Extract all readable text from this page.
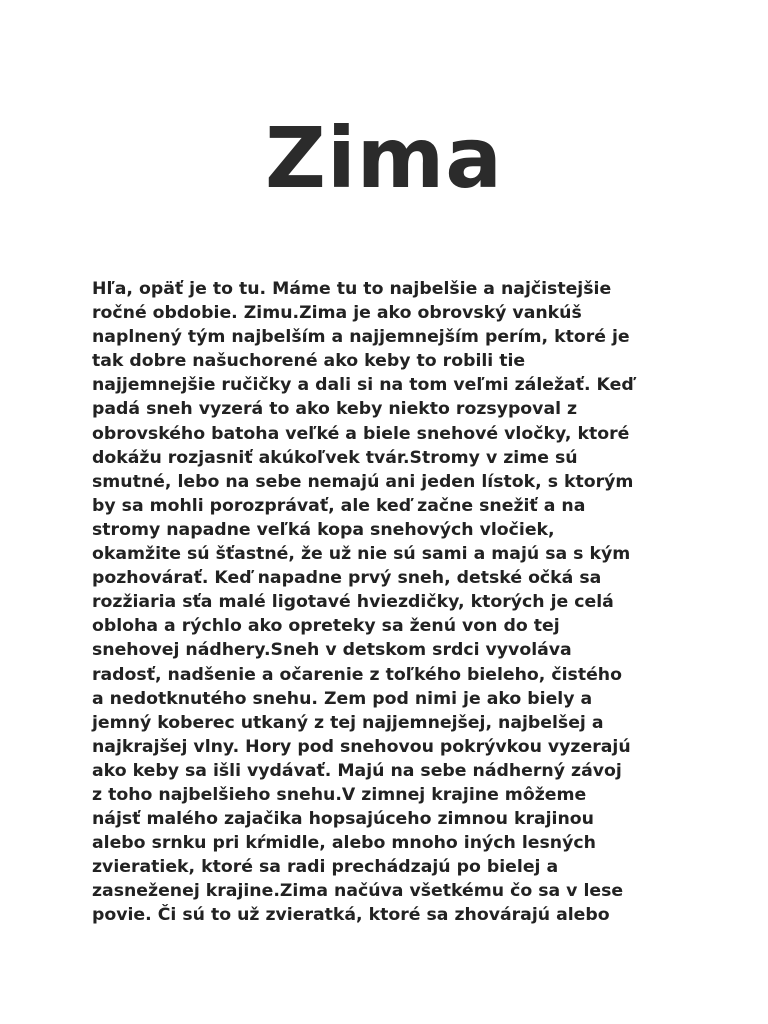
Zima
Hľa, opäť je to tu. Máme tu to najbelšie a najčistejšie
ročné obdobie. Zimu.Zima je ako obrovský vankúš
naplnený tým najbelším a najjemnejším perím, ktoré je
tak dobre našuchorené ako keby to robili tie
najjemnejšie ručičky a dali si na tom veľmi záležať. Keď
padá sneh vyzerá to ako keby niekto rozsypoval z
obrovského batoha veľké a biele snehové vločky, ktoré
dokážu rozjasniť akúkoľvek tvár.Stromy v zime sú
smutné, lebo na sebe nemajú ani jeden lístok, s ktorým
by sa mohli porozprávať, ale keď začne snežiť a na
stromy napadne veľká kopa snehových vločiek,
okamžite sú šťastné, že už nie sú sami a majú sa s kým
pozhovárať. Keď napadne prvý sneh, detské očká sa
rozžiaria sťa malé ligotavé hviezdičky, ktorých je celá
obloha a rýchlo ako opreteky sa ženú von do tej
snehovej nádhery.Sneh v detskom srdci vyvoláva
radosť, nadšenie a očarenie z toľkého bieleho, čistého
a nedotknutého snehu. Zem pod nimi je ako biely a
jemný koberec utkaný z tej najjemnejšej, najbelšej a
najkrajšej vlny. Hory pod snehovou pokrývkou vyzerajú
ako keby sa išli vydávať. Majú na sebe nádherný závoj
z toho najbelšieho snehu.V zimnej krajine môžeme
nájsť malého zajačika hopsajúceho zimnou krajinou
alebo srnku pri kŕmidle, alebo mnoho iných lesných
zvieratiek, ktoré sa radi prechádzajú po bielej a
zasneženej krajine.Zima načúva všetkému čo sa v lese
povie. Či sú to už zvieratká, ktoré sa zhovárajú alebo
